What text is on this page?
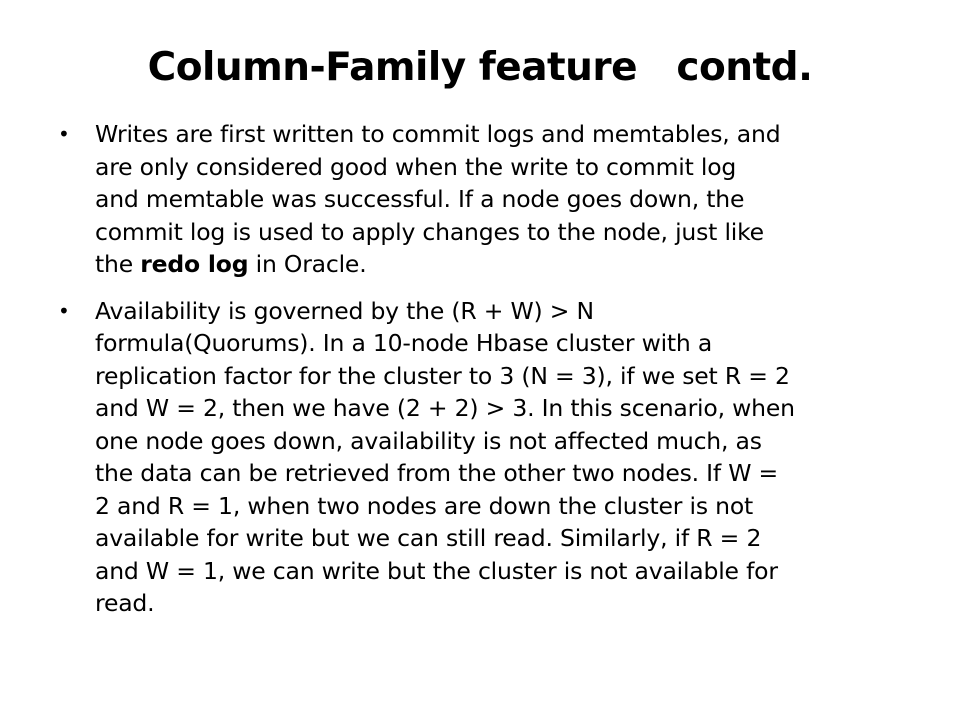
Column-Family feature   contd.
• Writes are first written to commit logs and memtables, and
are only considered good when the write to commit log
and memtable was successful. If a node goes down, the
commit log is used to apply changes to the node, just like
the redo log in Oracle.
• Availability is governed by the (R + W) > N
formula(Quorums). In a 10-node Hbase cluster with a
replication factor for the cluster to 3 (N = 3), if we set R = 2
and W = 2, then we have (2 + 2) > 3. In this scenario, when
one node goes down, availability is not affected much, as
the data can be retrieved from the other two nodes. If W =
2 and R = 1, when two nodes are down the cluster is not
available for write but we can still read. Similarly, if R = 2
and W = 1, we can write but the cluster is not available for
read.
